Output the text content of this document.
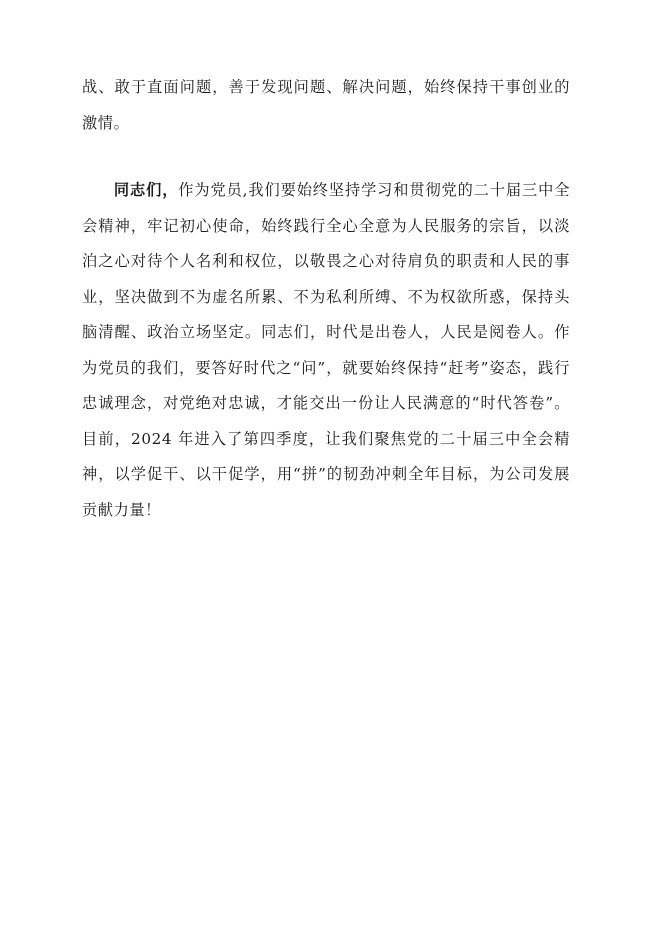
战、敢于直面问题，善于发现问题、解决问题，始终保持干事创业的激情。

同志们，作为党员,我们要始终坚持学习和贯彻党的二十届三中全会精神，牢记初心使命，始终践行全心全意为人民服务的宗旨，以淡泊之心对待个人名利和权位，以敬畏之心对待肩负的职责和人民的事业，坚决做到不为虚名所累、不为私利所缚、不为权欲所惑，保持头脑清醒、政治立场坚定。同志们，时代是出卷人，人民是阅卷人。作为党员的我们，要答好时代之“问”，就要始终保持“赶考”姿态，践行忠诚理念，对党绝对忠诚，才能交出一份让人民满意的“时代答卷”。目前，2024 年进入了第四季度，让我们聚焦党的二十届三中全会精神，以学促干、以干促学，用“拼”的韧劲冲刺全年目标，为公司发展贡献力量！
